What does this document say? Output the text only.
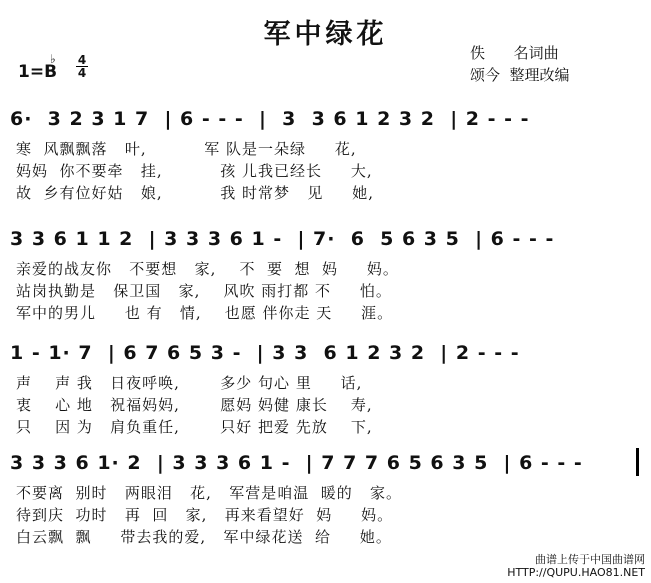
军中绿花
佚      名词曲
颂今  整理改编
1=B
♭ 4
4
6·  3 2 3 1 7  | 6 - - -  |  3  3 6 1 2 3 2  | 2 - - -
寒  风飘飘落   叶,          军 队是一朵绿     花,
妈妈  你不要牵   挂,          孩 儿我已经长     大,
故  乡有位好姑   娘,          我 时常梦   见     她,
3 3 6 1 1 2  | 3 3 3 6 1 -  | 7·  6  5 6 3 5  | 6 - - -
亲爱的战友你   不要想   家,    不  要  想  妈     妈。
站岗执勤是   保卫国   家,    风吹 雨打都 不     怕。
军中的男儿     也 有   情,    也愿 伴你走 天     涯。
1 - 1· 7  | 6 7 6 5 3 -  | 3 3  6 1 2 3 2  | 2 - - -
声    声 我   日夜呼唤,       多少 句心 里     话,
衷    心 地   祝福妈妈,       愿妈 妈健 康长    寿,
只    因 为   肩负重任,       只好 把爱 先放    下,
3 3 3 6 1· 2  | 3 3 3 6 1 -  | 7 7 7 6 5 6 3 5  | 6 - - -
不要离  别时   两眼泪   花,   军营是咱温  暖的   家。
待到庆  功时   再  回   家,   再来看望好  妈     妈。
白云飘  飘     带去我的爱,   军中绿花送  给     她。
曲谱上传于中国曲谱网
HTTP://QUPU.HAO81.NET
